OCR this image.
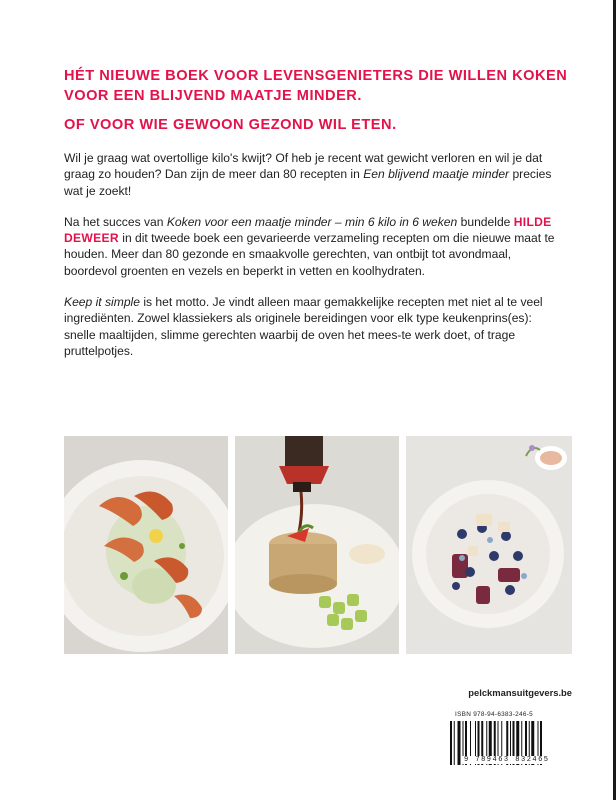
HÉT NIEUWE BOEK VOOR LEVENSGENIETERS DIE WILLEN KOKEN

VOOR EEN BLIJVEND MAATJE MINDER.

OF VOOR WIE GEWOON GEZOND WIL ETEN.

Wil je graag wat overtollige kilo's kwijt? Of heb je recent wat gewicht verloren en wil je dat graag zo houden? Dan zijn de meer dan 80 recepten in Een blijvend maatje minder precies wat je zoekt!

Na het succes van Koken voor een maatje minder – min 6 kilo in 6 weken bundelde HILDE DEWEER in dit tweede boek een gevarieerde verzameling recepten om die nieuwe maat te houden. Meer dan 80 gezonde en smaakvolle gerechten, van ontbijt tot avondmaal, boordevol groenten en vezels en beperkt in vetten en koolhydraten.

Keep it simple is het motto. Je vindt alleen maar gemakkelijke recepten met niet al te veel ingrediënten. Zowel klassiekers als originele bereidingen voor elk type keukenprins(es): snelle maaltijden, slimme gerechten waarbij de oven het mees-te werk doet, of trage pruttelpotjes.

pelckmansuitgevers.be
ISBN 978-94-6383-246-5
9 789463 832465
